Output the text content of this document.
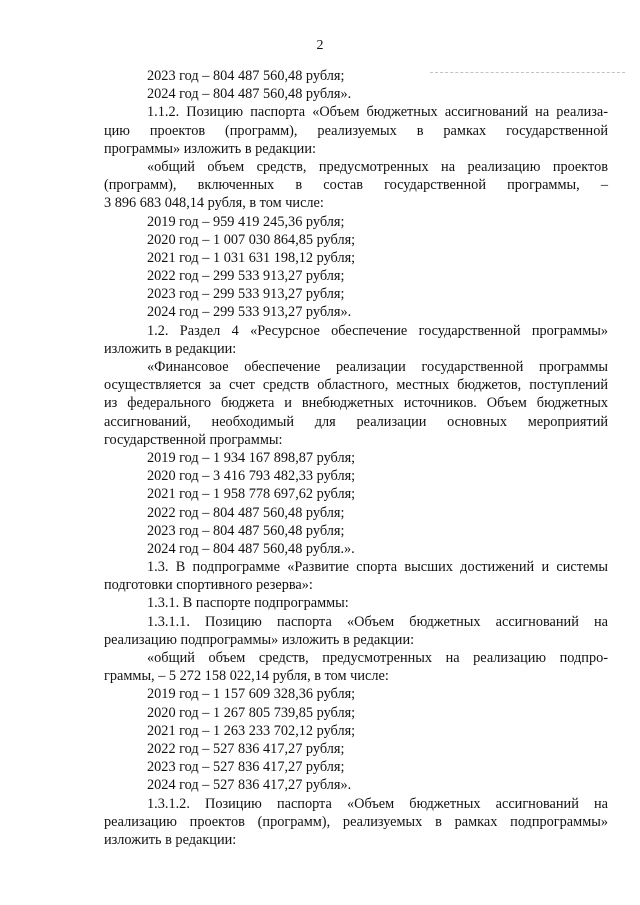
2
2023 год – 804 487 560,48 рубля;
2024 год – 804 487 560,48 рубля».
1.1.2. Позицию паспорта «Объем бюджетных ассигнований на реализа-
цию проектов (программ), реализуемых в рамках государственной
программы» изложить в редакции:
«общий объем средств, предусмотренных на реализацию проектов
(программ), включенных в состав государственной программы, –
3 896 683 048,14 рубля, в том числе:
2019 год – 959 419 245,36 рубля;
2020 год – 1 007 030 864,85 рубля;
2021 год – 1 031 631 198,12 рубля;
2022 год – 299 533 913,27 рубля;
2023 год – 299 533 913,27 рубля;
2024 год – 299 533 913,27 рубля».
1.2. Раздел 4 «Ресурсное обеспечение государственной программы»
изложить в редакции:
«Финансовое обеспечение реализации государственной программы
осуществляется за счет средств областного, местных бюджетов, поступлений
из федерального бюджета и внебюджетных источников. Объем бюджетных
ассигнований, необходимый для реализации основных мероприятий
государственной программы:
2019 год – 1 934 167 898,87 рубля;
2020 год – 3 416 793 482,33 рубля;
2021 год – 1 958 778 697,62 рубля;
2022 год – 804 487 560,48 рубля;
2023 год – 804 487 560,48 рубля;
2024 год – 804 487 560,48 рубля.».
1.3. В подпрограмме «Развитие спорта высших достижений и системы
подготовки спортивного резерва»:
1.3.1. В паспорте подпрограммы:
1.3.1.1. Позицию паспорта «Объем бюджетных ассигнований на
реализацию подпрограммы» изложить в редакции:
«общий объем средств, предусмотренных на реализацию подпро-
граммы, – 5 272 158 022,14 рубля, в том числе:
2019 год – 1 157 609 328,36 рубля;
2020 год – 1 267 805 739,85 рубля;
2021 год – 1 263 233 702,12 рубля;
2022 год – 527 836 417,27 рубля;
2023 год – 527 836 417,27 рубля;
2024 год – 527 836 417,27 рубля».
1.3.1.2. Позицию паспорта «Объем бюджетных ассигнований на
реализацию проектов (программ), реализуемых в рамках подпрограммы»
изложить в редакции:
